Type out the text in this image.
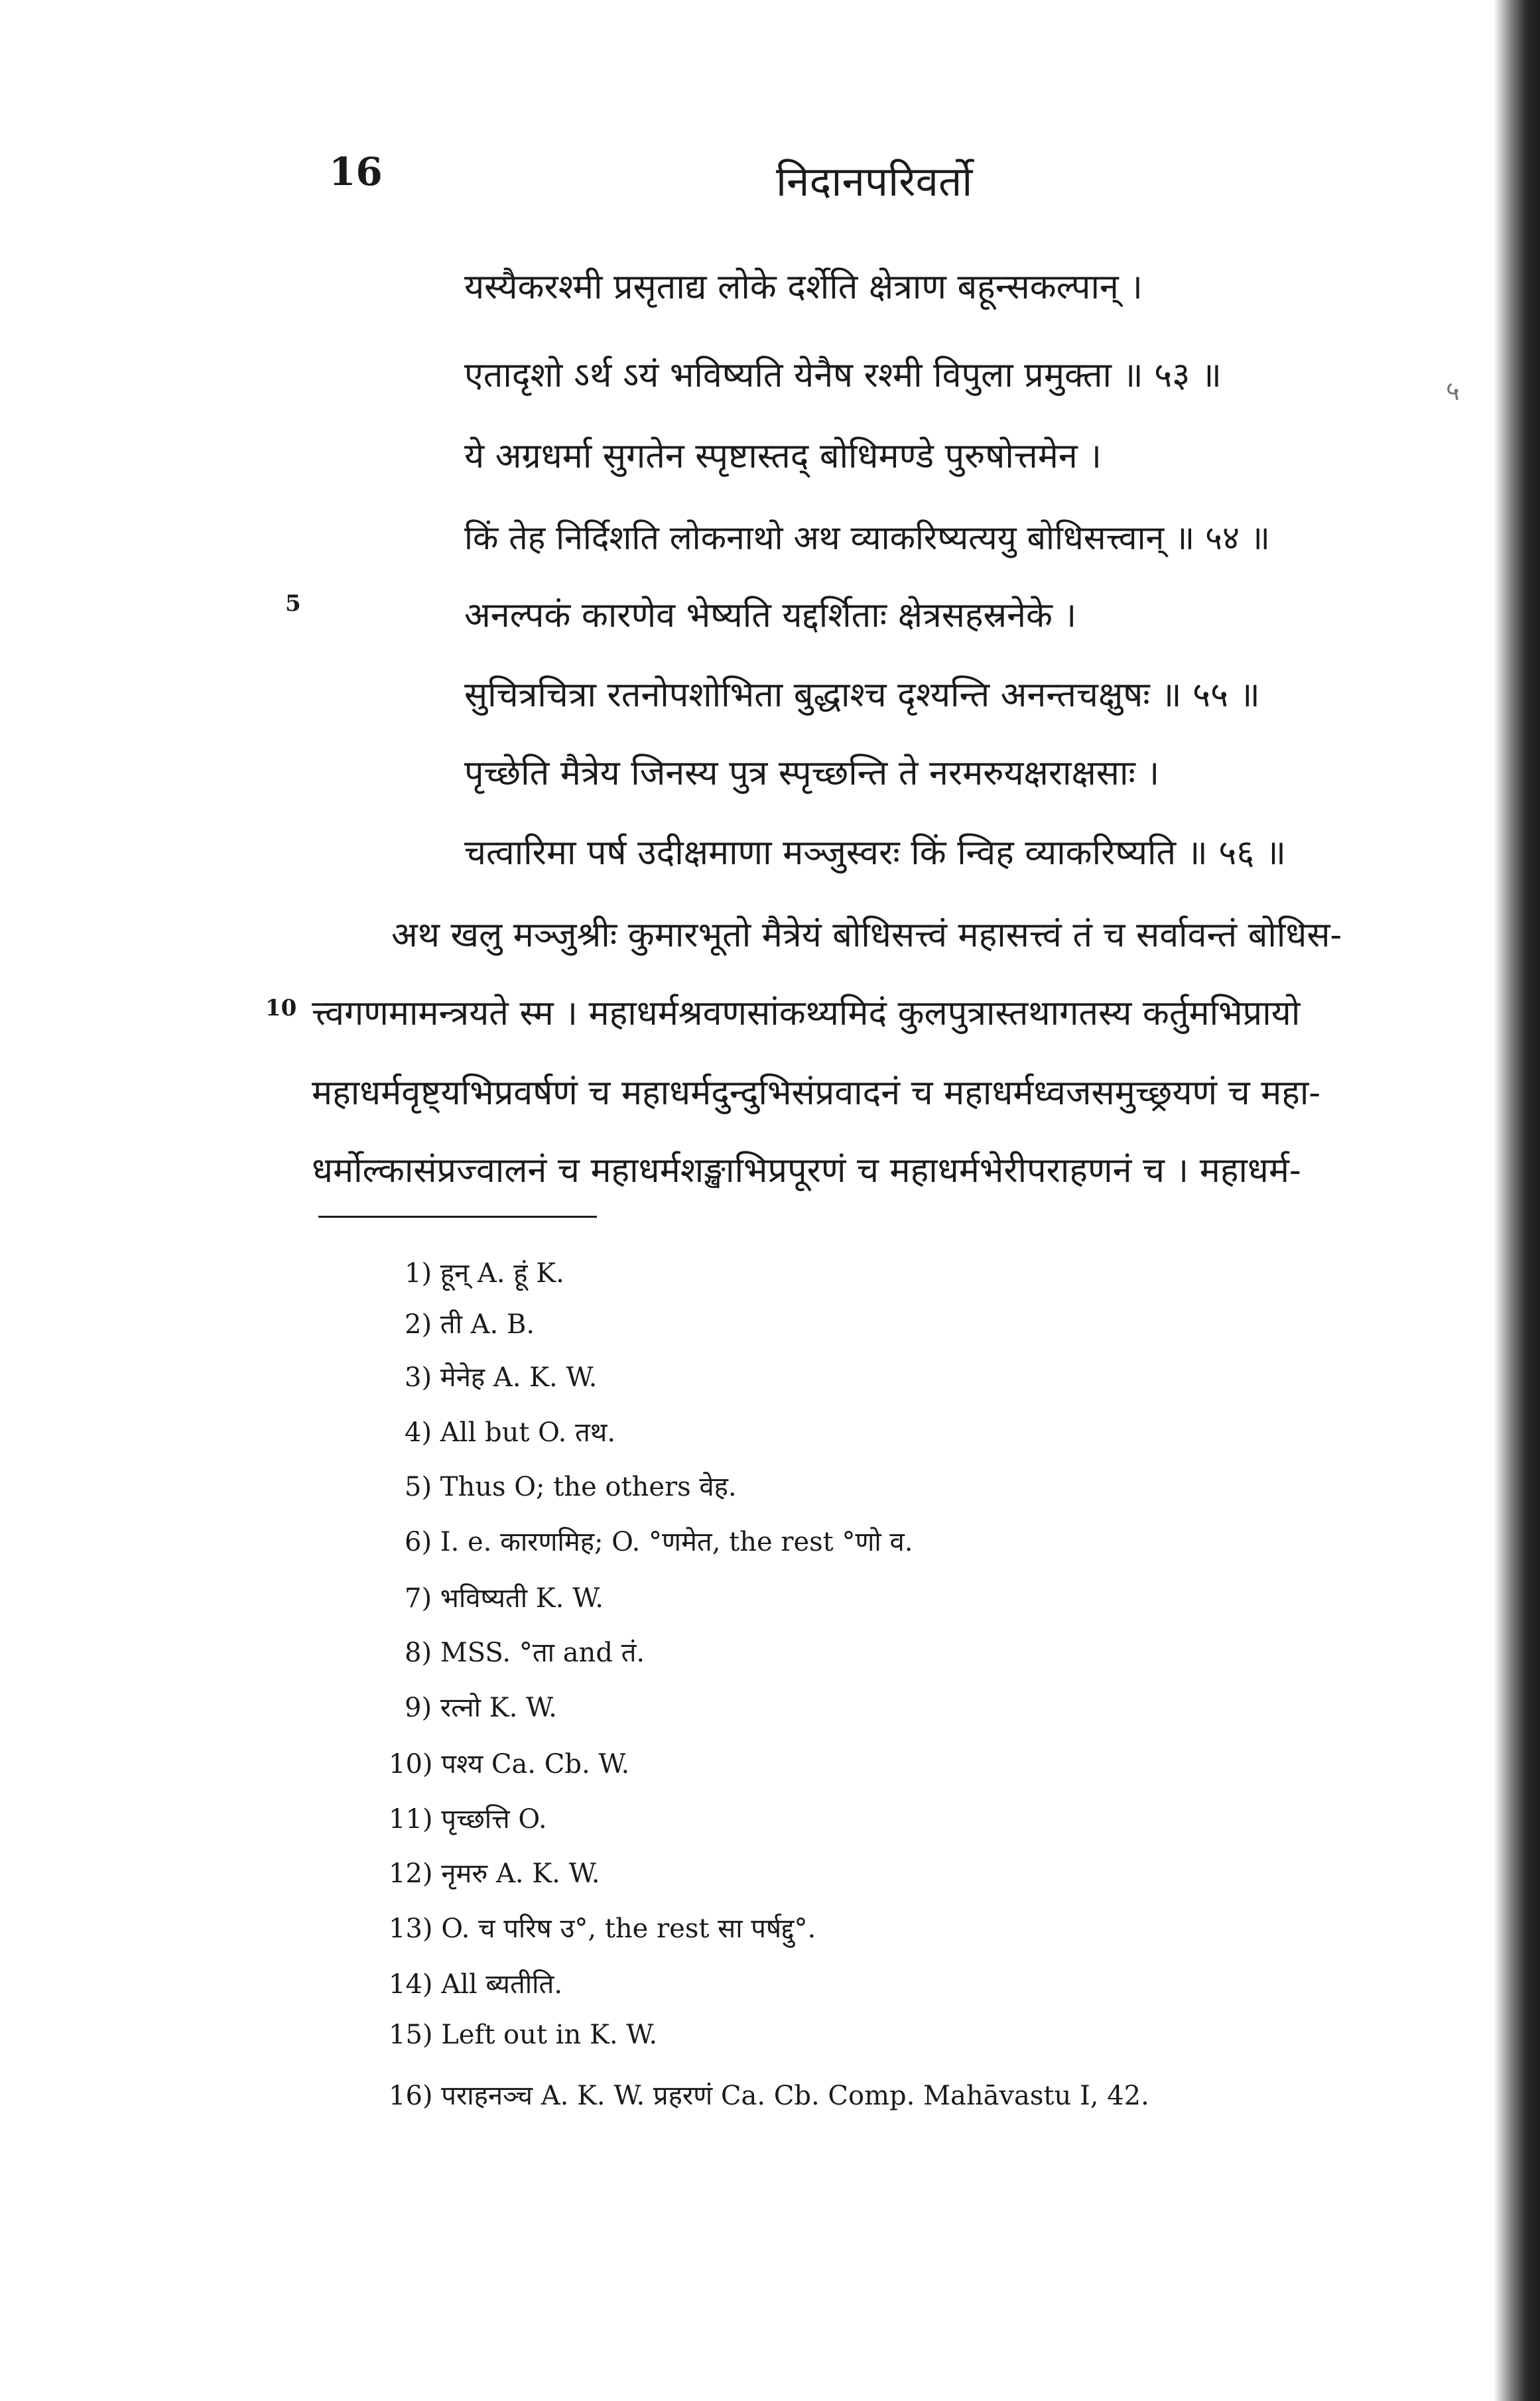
16	निदानपरिवर्तो
५
यस्यैकरश्मी प्रसृताद्य लोके दर्शेति क्षेत्राण बहून्सकल्पान् ।
एतादृशो ऽर्थ ऽयं भविष्यति येनैष रश्मी विपुला प्रमुक्ता ॥ ५३ ॥
ये अग्रधर्मा सुगतेन स्पृष्टास्तद् बोधिमण्डे पुरुषोत्तमेन ।
किं तेह निर्दिशति लोकनाथो अथ व्याकरिष्यत्ययु बोधिसत्त्वान् ॥ ५४ ॥
5	अनल्पकं कारणेव भेष्यति यद्दर्शिताः क्षेत्रसहस्रनेके ।
सुचित्रचित्रा रतनोपशोभिता बुद्धाश्च दृश्यन्ति अनन्तचक्षुषः ॥ ५५ ॥
पृच्छेति मैत्रेय जिनस्य पुत्र स्पृच्छन्ति ते नरमरुयक्षराक्षसाः ।
चत्वारिमा पर्ष उदीक्षमाणा मञ्जुस्वरः किं न्विह व्याकरिष्यति ॥ ५६ ॥
अथ खलु मञ्जुश्रीः कुमारभूतो मैत्रेयं बोधिसत्त्वं महासत्त्वं तं च सर्वावन्तं बोधिस-
10 त्त्वगणमामन्त्रयते स्म । महाधर्मश्रवणसांकथ्यमिदं कुलपुत्रास्तथागतस्य कर्तुमभिप्रायो
महाधर्मवृष्ट्यभिप्रवर्षणं च महाधर्मदुन्दुभिसंप्रवादनं च महाधर्मध्वजसमुच्छ्रयणं च महा-
धर्मोल्कासंप्रज्वालनं च महाधर्मशङ्खाभिप्रपूरणं च महाधर्मभेरीपराहणनं च । महाधर्म-
1) हून् A. हूं K.
2) ती A. B.
3) मेनेह A. K. W.
4) All but O. तथ.
5) Thus O; the others वेह.
6) I. e. कारणमिह; O. °णमेत, the rest °णो व.
7) भविष्यती K. W.
8) MSS. °ता and तं.
9) रत्नो K. W.
10) पश्य Ca. Cb. W.
11) पृच्छत्ति O.
12) नृमरु A. K. W.
13) O. च परिष उ°, the rest सा पर्षद्दु°.
14) All ब्यतीति.
15) Left out in K. W.
16) पराहनञ्च A. K. W. प्रहरणं Ca. Cb. Comp. Mahāvastu I, 42.
